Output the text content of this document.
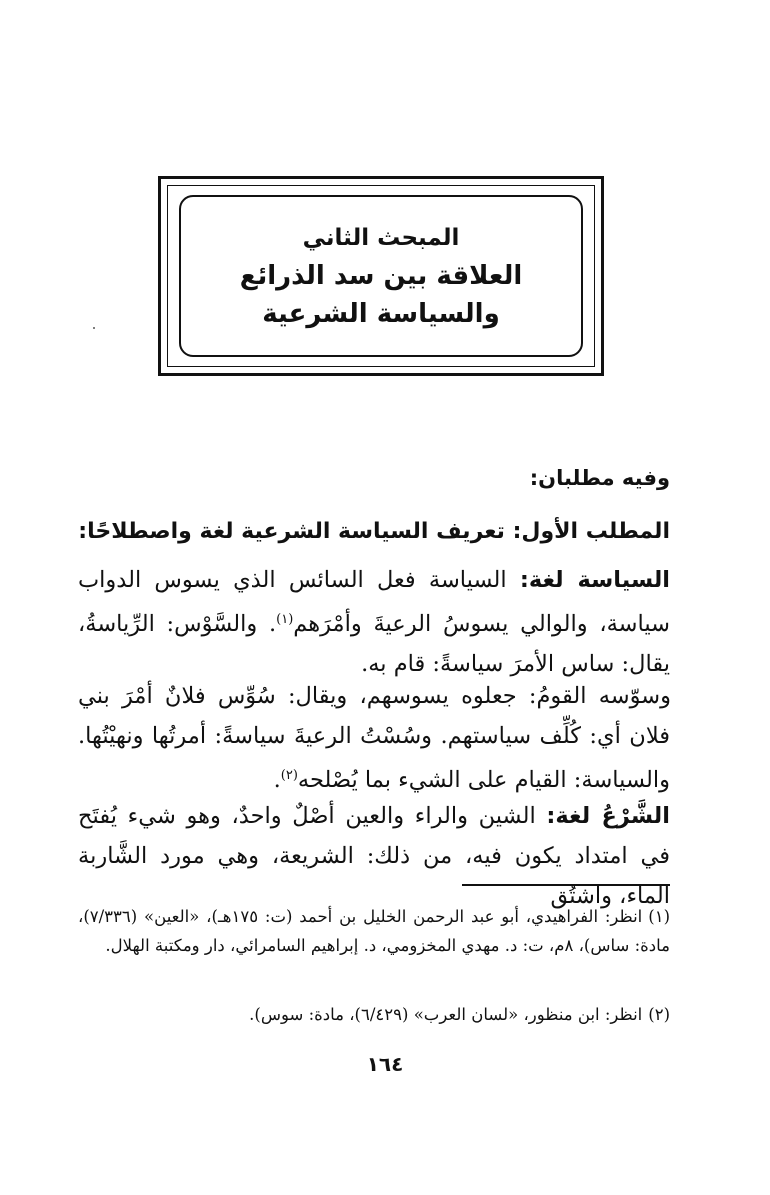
المبحث الثاني
العلاقة بين سد الذرائع
والسياسة الشرعية
وفيه مطلبان:
المطلب الأول: تعريف السياسة الشرعية لغة واصطلاحًا:
السياسة لغة: السياسة فعل السائس الذي يسوس الدواب سياسة، والوالي يسوسُ الرعيةَ وأمْرَهم$^{(١)}$. والسَّوْس: الرِّياسةُ، يقال: ساس الأمرَ سياسةً: قام به.
وسوّسه القومُ: جعلوه يسوسهم، ويقال: سُوِّس فلانٌ أمْرَ بني فلان أي: كُلِّف سياستهم. وسُسْتُ الرعيةَ سياسةً: أمرتُها ونهيْتُها. والسياسة: القيام على الشيء بما يُصْلحه$^{(٢)}$.
الشَّرْعُ لغة: الشين والراء والعين أصْلٌ واحدٌ، وهو شيء يُفتَح في امتداد يكون فيه، من ذلك: الشريعة، وهي مورد الشَّاربة الماء، واشتُق
(١)انظر: الفراهيدي، أبو عبد الرحمن الخليل بن أحمد (ت: ١٧٥هـ)، «العين» (٧/٣٣٦)، مادة: ساس)، ٨م، ت: د. مهدي المخزومي، د. إبراهيم السامرائي، دار ومكتبة الهلال.
(٢)انظر: ابن منظور، «لسان العرب» (٦/٤٢٩)، مادة: سوس).
١٦٤
